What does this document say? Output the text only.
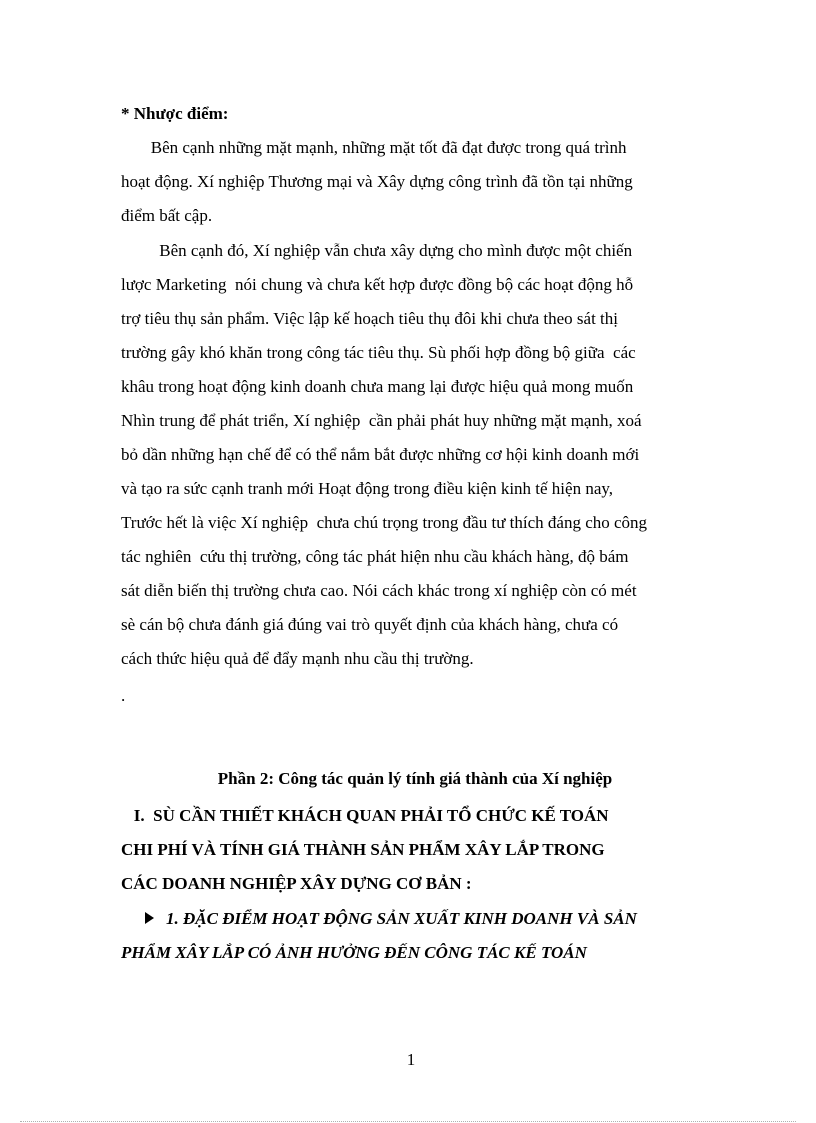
* Nhược điểm:
Bên cạnh những mặt mạnh, những mặt tốt đã đạt được trong quá trình
hoạt động. Xí nghiệp Thương mại và Xây dựng công trình đã tồn tại những
điểm bất cập.
Bên cạnh đó, Xí nghiệp vẫn chưa xây dựng cho mình được một chiến
lược Marketing  nói chung và chưa kết hợp được đồng bộ các hoạt động hỗ
trợ tiêu thụ sản phẩm. Việc lập kế hoạch tiêu thụ đôi khi chưa theo sát thị
trường gây khó khăn trong công tác tiêu thụ. Sù phối hợp đồng bộ giữa  các
khâu trong hoạt động kinh doanh chưa mang lại được hiệu quả mong muốn
Nhìn trung để phát triển, Xí nghiệp  cần phải phát huy những mặt mạnh, xoá
bỏ dần những hạn chế để có thể nắm bắt được những cơ hội kinh doanh mới
và tạo ra sức cạnh tranh mới Hoạt động trong điều kiện kinh tế hiện nay,
Trước hết là việc Xí nghiệp  chưa chú trọng trong đầu tư thích đáng cho công
tác nghiên  cứu thị trường, công tác phát hiện nhu cầu khách hàng, độ bám
sát diễn biến thị trường chưa cao. Nói cách khác trong xí nghiệp còn có mét
sè cán bộ chưa đánh giá đúng vai trò quyết định của khách hàng, chưa có
cách thức hiệu quả để đẩy mạnh nhu cầu thị trường.
.
Phần 2: Công tác quản lý tính giá thành của Xí nghiệp
I.  SÙ CẦN THIẾT KHÁCH QUAN PHẢI TỔ CHỨC KẾ TOÁN
CHI PHÍ VÀ TÍNH GIÁ THÀNH SẢN PHẨM XÂY LẮP TRONG
CÁC DOANH NGHIỆP XÂY DỰNG CƠ BẢN :
1. ĐẶC ĐIỂM HOẠT ĐỘNG SẢN XUẤT KINH DOANH VÀ SẢN
PHẨM XÂY LẮP CÓ ẢNH HƯỞNG ĐẾN CÔNG TÁC KẾ TOÁN
1
